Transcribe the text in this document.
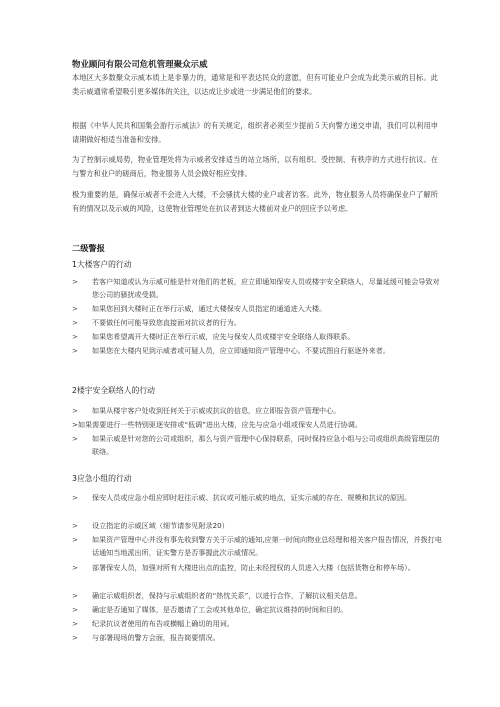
物业顾问有限公司危机管理聚众示威

本地区大多数聚众示威本质上是非暴力的，通常是和平表达民众的意愿，但有可能业户会成为此类示威的目标。此类示威通常希望吸引更多媒体的关注，以达成让步或进一步满足他们的要求。

根据《中华人民共和国集会游行示威法》的有关规定，组织者必须至少提前５天向警方递交申请，我们可以利用申请期做好相适当准备和安排。

为了控制示威局势，物业管理处将为示威者安排适当的站立场所，以有组织、受控制、有秩序的方式进行抗议。在与警方和业户的磋商后，物业服务人员会做好相应安排。

极为重要的是，确保示威者不会进入大楼，不会骚扰大楼的业户或者访客。此外，物业服务人员将确保业户了解所有的情况以及示威的风险，这使物业管理处在抗议者到达大楼前对业户的回应予以考虑。

二级警报
1大楼客户的行动
>	若客户知道或认为示威可能是针对他们的老板，应立即通知保安人员或楼宇安全联络人，尽量延缓可能会导致对您公司的骚扰或受损。
>	如果您回到大楼时正在举行示威，通过大楼保安人员指定的通道进入大楼。
>	不要做任何可能导致您直接面对抗议者的行为。
>	如果您希望离开大楼时正在举行示威，应先与保安人员或楼宇安全联络人取得联系。
>	如果您在大楼内见到示威者或可疑人员，应立即通知资产管理中心。不要试图自行驱逐外来者。
2楼宇安全联络人的行动
>	如果从楼宇客户处收到任何关于示威或抗议的信息，应立即报告资产管理中心。
>如果需要进行一些特别驱逐安排或“低调”进出大楼，应先与应急小组或保安人员进行协调。
>	如果示威是针对您的公司或组织，那么与资产管理中心保持联系，同时保持应急小组与公司或组织高级管理层的联络。
3应急小组的行动
>	保安人员或应急小组应即时赶往示威、抗议或可能示威的地点，证实示威的存在、规模和抗议的原因。
>	设立指定的示威区域（细节请参见附录20）
>	如果资产管理中心并没有事先收到警方关于示威的通知,应第一时间向物业总经理和相关客户报告情况，并拨打电话通知当地派出所，证实警方是否事握此次示威情况。
>	部署保安人员，加强对所有大楼进出点的监控，防止未经授权的人员进入大楼（包括货物仓和停车场）。
>	确定示威组织者，保持与示威组织者的“热忱关系”，以进行合作，了解抗议相关信息。
>	确定是否通知了媒体，是否邀请了工会或其他单位，确定抗议维持的时间和目的。
>	纪录抗议者使用的布告或横幅上确切的用词。
>	与部署现场的警方会面，报告简要情况。
